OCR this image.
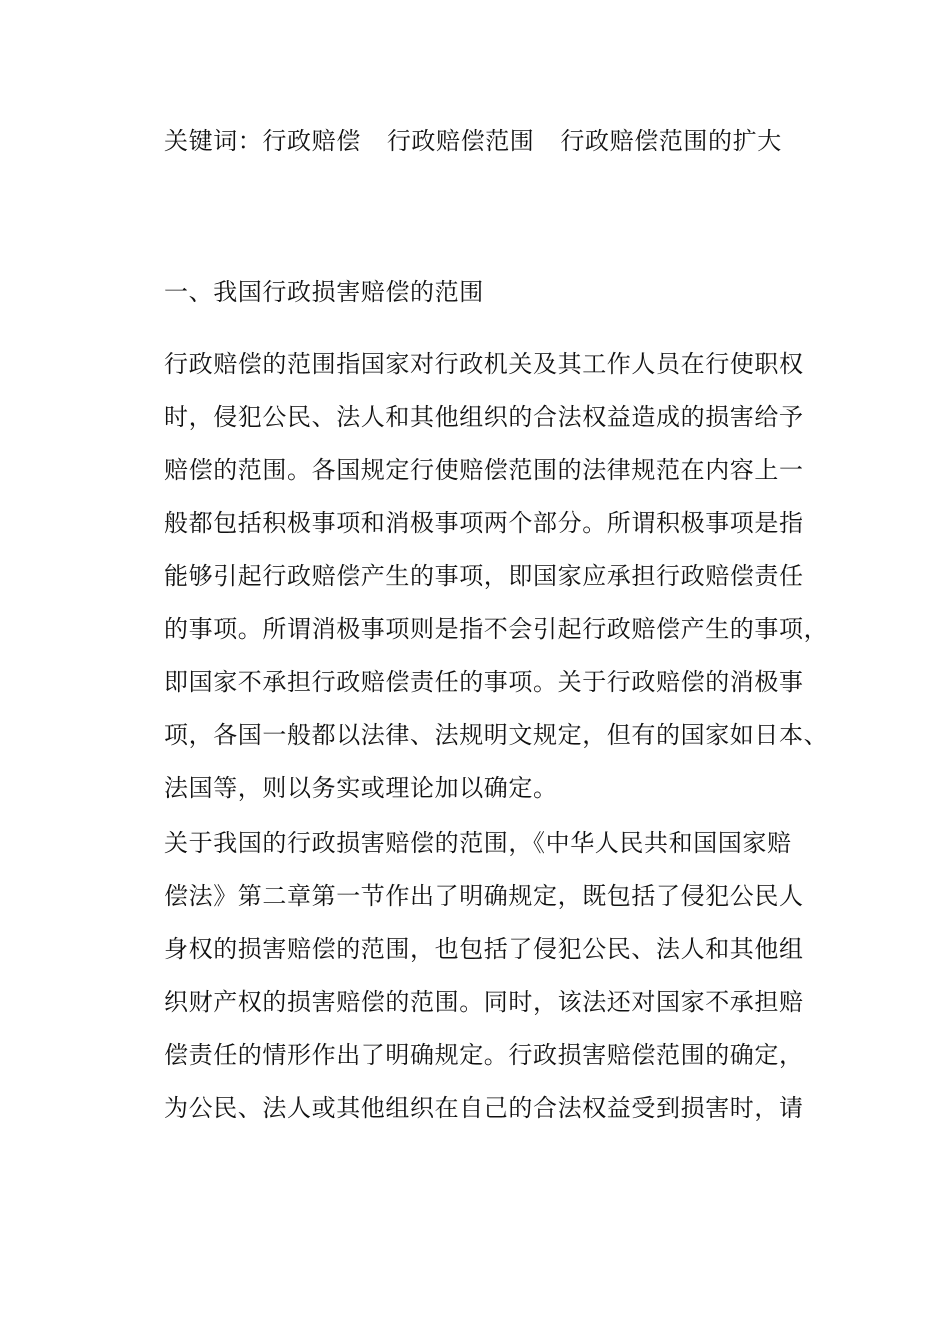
关键词：行政赔偿 行政赔偿范围 行政赔偿范围的扩大
一、我国行政损害赔偿的范围
行政赔偿的范围指国家对行政机关及其工作人员在行使职权
时，侵犯公民、法人和其他组织的合法权益造成的损害给予
赔偿的范围。各国规定行使赔偿范围的法律规范在内容上一
般都包括积极事项和消极事项两个部分。所谓积极事项是指
能够引起行政赔偿产生的事项，即国家应承担行政赔偿责任
的事项。所谓消极事项则是指不会引起行政赔偿产生的事项，
即国家不承担行政赔偿责任的事项。关于行政赔偿的消极事
项，各国一般都以法律、法规明文规定，但有的国家如日本、
法国等，则以务实或理论加以确定。
关于我国的行政损害赔偿的范围，《中华人民共和国国家赔
偿法》第二章第一节作出了明确规定，既包括了侵犯公民人
身权的损害赔偿的范围，也包括了侵犯公民、法人和其他组
织财产权的损害赔偿的范围。同时，该法还对国家不承担赔
偿责任的情形作出了明确规定。行政损害赔偿范围的确定，
为公民、法人或其他组织在自己的合法权益受到损害时，请
